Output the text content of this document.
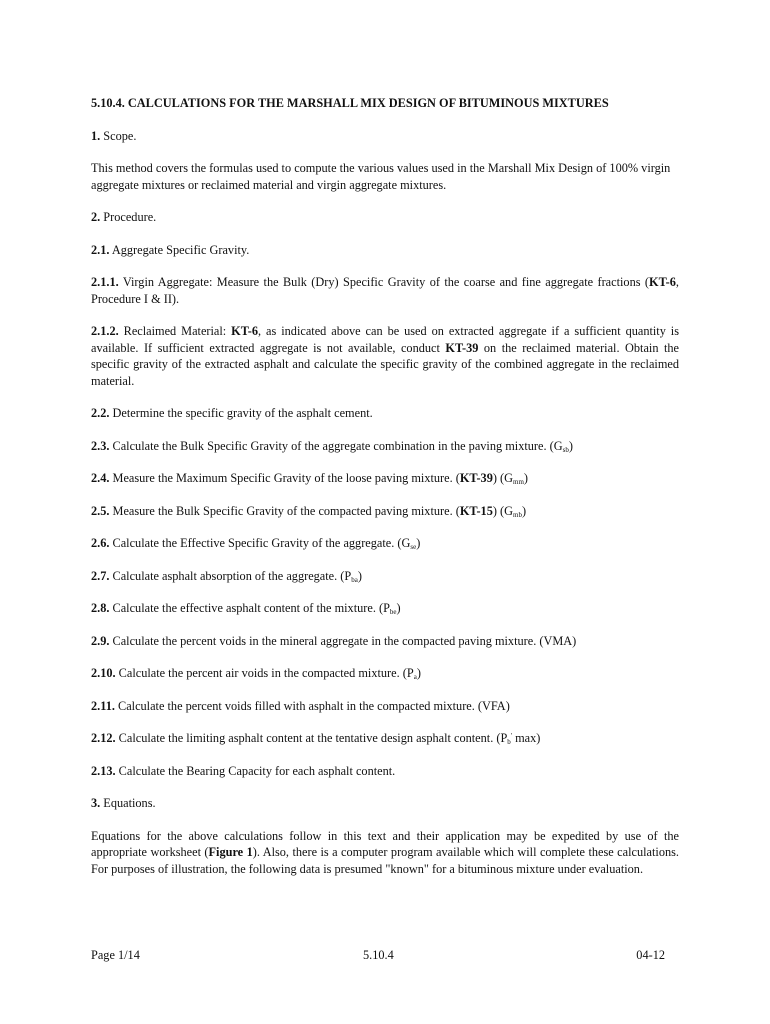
5.10.4. CALCULATIONS FOR THE MARSHALL MIX DESIGN OF BITUMINOUS MIXTURES

1. Scope.

This method covers the formulas used to compute the various values used in the Marshall Mix Design of 100% virgin aggregate mixtures or reclaimed material and virgin aggregate mixtures.

2. Procedure.

2.1. Aggregate Specific Gravity.

2.1.1. Virgin Aggregate: Measure the Bulk (Dry) Specific Gravity of the coarse and fine aggregate fractions (KT-6, Procedure I & II).

2.1.2. Reclaimed Material: KT-6, as indicated above can be used on extracted aggregate if a sufficient quantity is available. If sufficient extracted aggregate is not available, conduct KT-39 on the reclaimed material. Obtain the specific gravity of the extracted asphalt and calculate the specific gravity of the combined aggregate in the reclaimed material.

2.2. Determine the specific gravity of the asphalt cement.

2.3. Calculate the Bulk Specific Gravity of the aggregate combination in the paving mixture. $(G_{sb})$

2.4. Measure the Maximum Specific Gravity of the loose paving mixture. (KT-39) $(G_{mm})$

2.5. Measure the Bulk Specific Gravity of the compacted paving mixture. (KT-15) $(G_{mb})$

2.6. Calculate the Effective Specific Gravity of the aggregate. $(G_{se})$

2.7. Calculate asphalt absorption of the aggregate. $(P_{ba})$

2.8. Calculate the effective asphalt content of the mixture. $(P_{be})$

2.9. Calculate the percent voids in the mineral aggregate in the compacted paving mixture. (VMA)

2.10. Calculate the percent air voids in the compacted mixture. $(P_a)$

2.11. Calculate the percent voids filled with asphalt in the compacted mixture. (VFA)

2.12. Calculate the limiting asphalt content at the tentative design asphalt content. ($P_b'$ max)

2.13. Calculate the Bearing Capacity for each asphalt content.

3. Equations.

Equations for the above calculations follow in this text and their application may be expedited by use of the appropriate worksheet (Figure 1). Also, there is a computer program available which will complete these calculations. For purposes of illustration, the following data is presumed "known" for a bituminous mixture under evaluation.

Page 1/14	5.10.4	04-12
